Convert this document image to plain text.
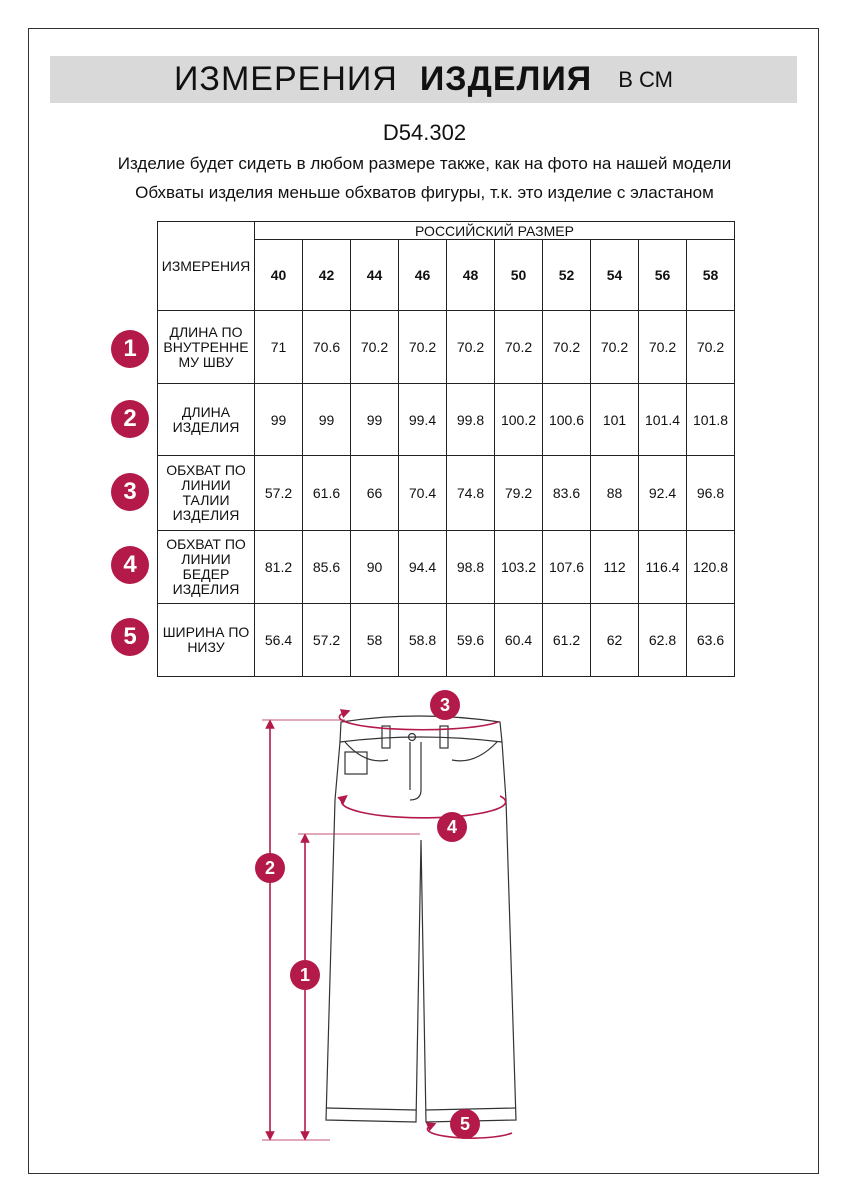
ИЗМЕРЕНИЯ ИЗДЕЛИЯ В СМ
D54.302
Изделие будет сидеть в любом размере также, как на фото на нашей модели
Обхваты изделия меньше обхватов фигуры, т.к. это изделие с эластаном
ИЗМЕРЕНИЯ	РОССИЙСКИЙ РАЗМЕР									
	40	42	44	46	48	50	52	54	56	58
ДЛИНА ПО ВНУТРЕННЕ МУ ШВУ	71	70.6	70.2	70.2	70.2	70.2	70.2	70.2	70.2	70.2
ДЛИНА ИЗДЕЛИЯ	99	99	99	99.4	99.8	100.2	100.6	101	101.4	101.8
ОБХВАТ ПО ЛИНИИ ТАЛИИ ИЗДЕЛИЯ	57.2	61.6	66	70.4	74.8	79.2	83.6	88	92.4	96.8
ОБХВАТ ПО ЛИНИИ БЕДЕР ИЗДЕЛИЯ	81.2	85.6	90	94.4	98.8	103.2	107.6	112	116.4	120.8
ШИРИНА ПО НИЗУ	56.4	57.2	58	58.8	59.6	60.4	61.2	62	62.8	63.6
1
2
3
4
5
3
4
2
1
5
